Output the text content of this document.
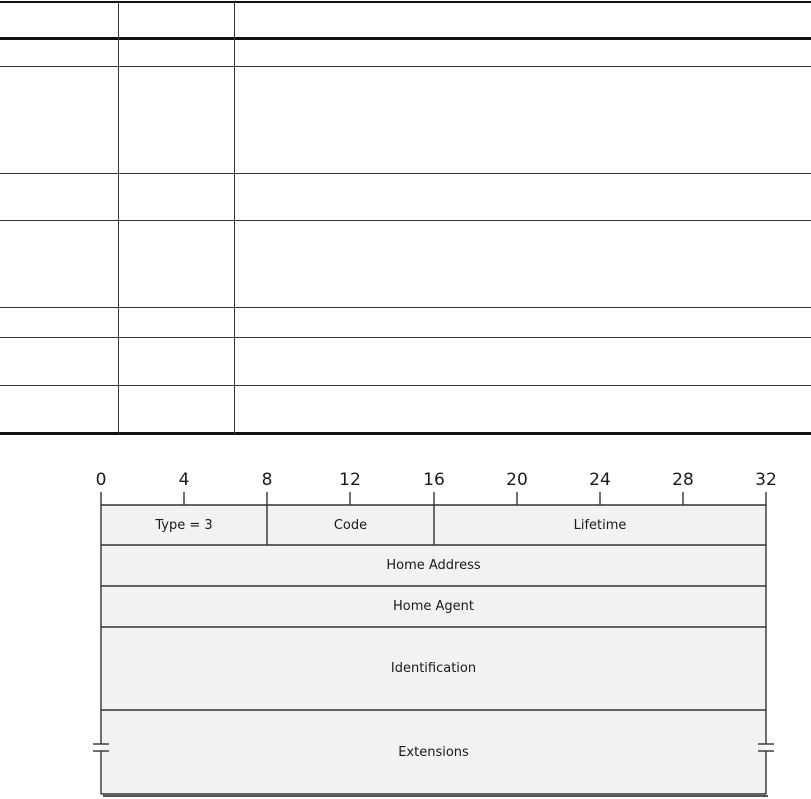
0	4	8	12	16	20	24	28	32
Type = 3	Code	Lifetime
Home Address
Home Agent
Identification
Extensions
